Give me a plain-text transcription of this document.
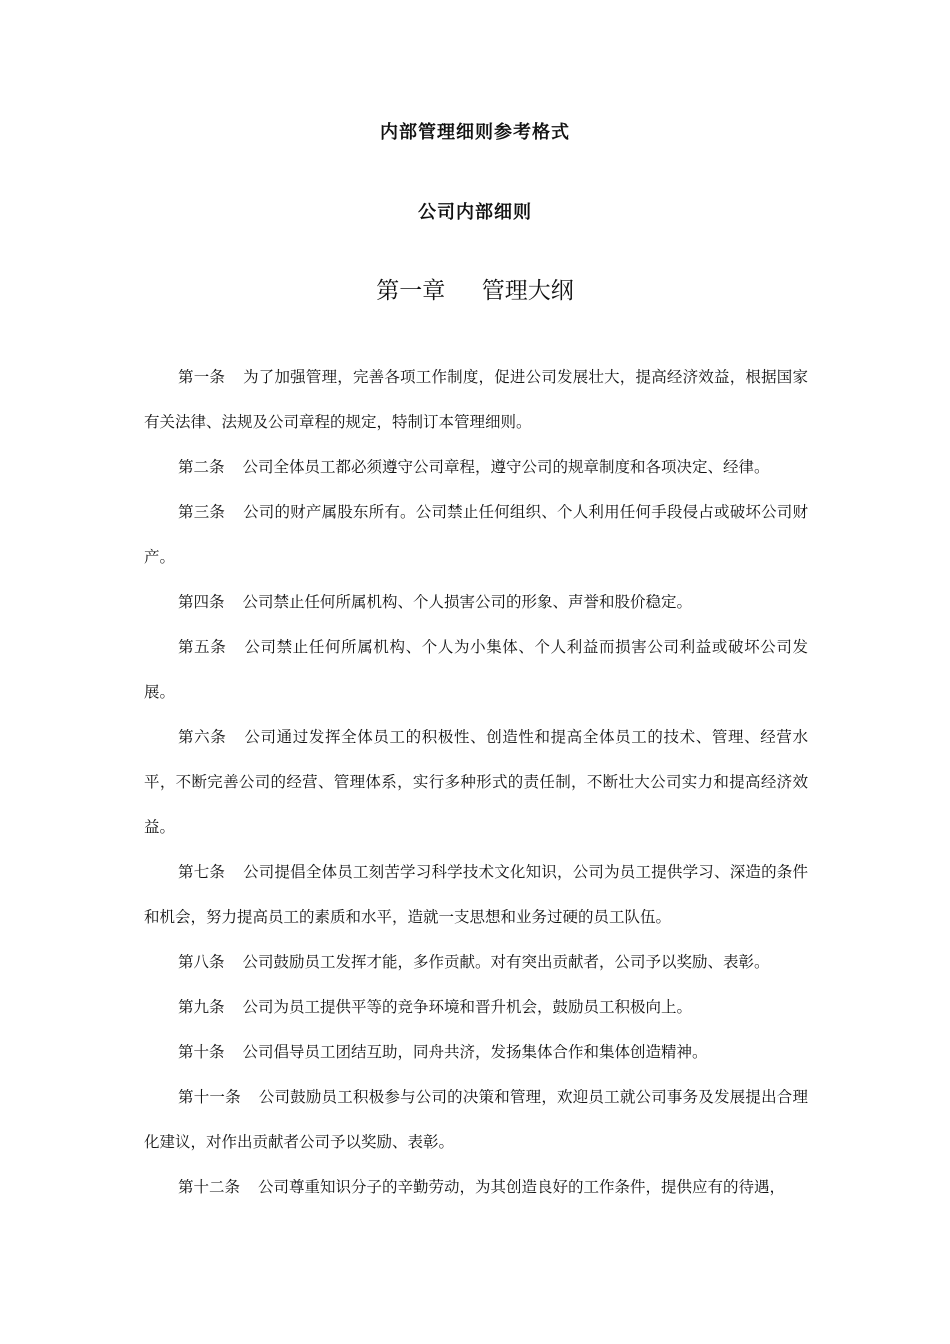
内部管理细则参考格式
公司内部细则
第一章     管理大纲

第一条 为了加强管理，完善各项工作制度，促进公司发展壮大，提高经济效益，根据国家有关法律、法规及公司章程的规定，特制订本管理细则。

第二条 公司全体员工都必须遵守公司章程，遵守公司的规章制度和各项决定、经律。

第三条 公司的财产属股东所有。公司禁止任何组织、个人利用任何手段侵占或破坏公司财产。

第四条 公司禁止任何所属机构、个人损害公司的形象、声誉和股价稳定。

第五条 公司禁止任何所属机构、个人为小集体、个人利益而损害公司利益或破坏公司发展。

第六条 公司通过发挥全体员工的积极性、创造性和提高全体员工的技术、管理、经营水平，不断完善公司的经营、管理体系，实行多种形式的责任制，不断壮大公司实力和提高经济效益。

第七条 公司提倡全体员工刻苦学习科学技术文化知识，公司为员工提供学习、深造的条件和机会，努力提高员工的素质和水平，造就一支思想和业务过硬的员工队伍。

第八条 公司鼓励员工发挥才能，多作贡献。对有突出贡献者，公司予以奖励、表彰。

第九条 公司为员工提供平等的竞争环境和晋升机会，鼓励员工积极向上。

第十条 公司倡导员工团结互助，同舟共济，发扬集体合作和集体创造精神。

第十一条 公司鼓励员工积极参与公司的决策和管理，欢迎员工就公司事务及发展提出合理化建议，对作出贡献者公司予以奖励、表彰。

第十二条 公司尊重知识分子的辛勤劳动，为其创造良好的工作条件，提供应有的待遇，
